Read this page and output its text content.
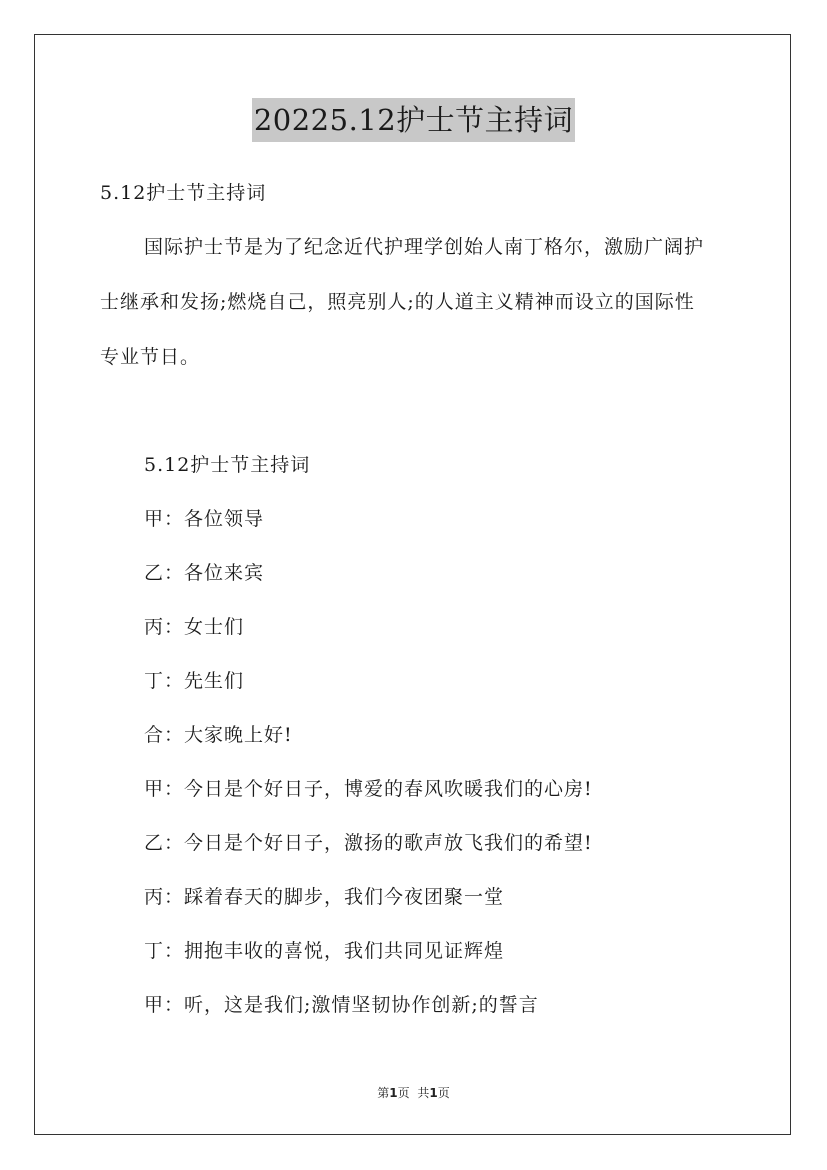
20225.12护士节主持词
5.12护士节主持词
国际护士节是为了纪念近代护理学创始人南丁格尔，激励广阔护
士继承和发扬;燃烧自己，照亮别人;的人道主义精神而设立的国际性
专业节日。
5.12护士节主持词
甲：各位领导
乙：各位来宾
丙：女士们
丁：先生们
合：大家晚上好!
甲：今日是个好日子，博爱的春风吹暖我们的心房!
乙：今日是个好日子，激扬的歌声放飞我们的希望!
丙：踩着春天的脚步，我们今夜团聚一堂
丁：拥抱丰收的喜悦，我们共同见证辉煌
甲：听，这是我们;激情坚韧协作创新;的誓言
第1页 共1页
